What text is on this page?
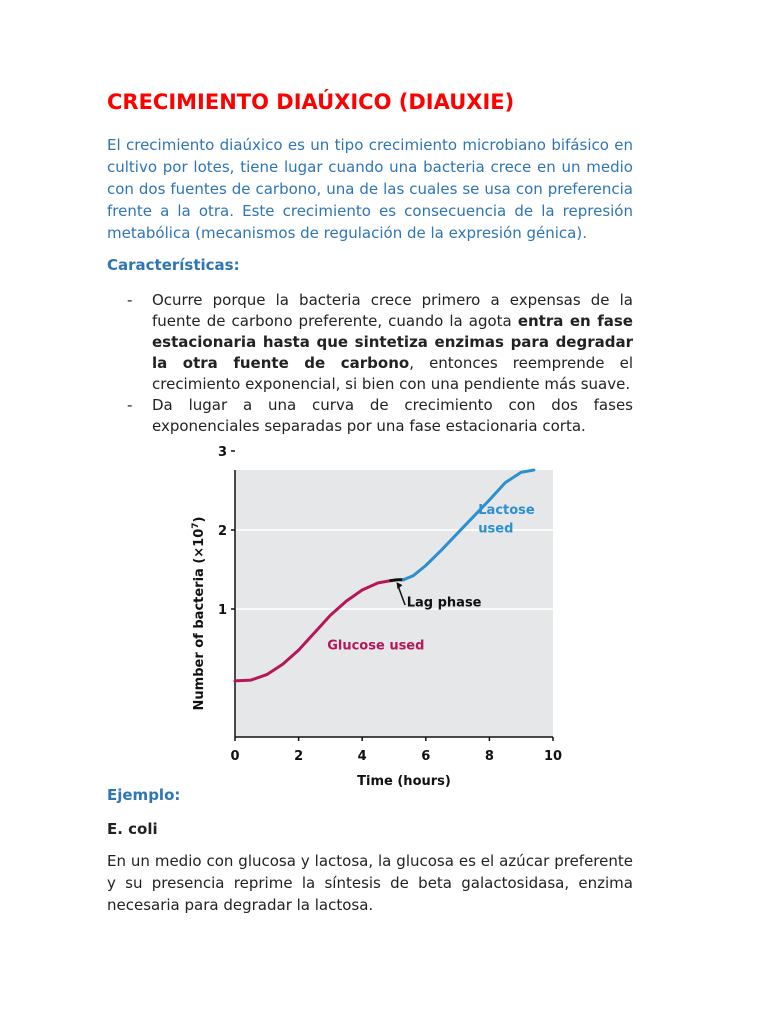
CRECIMIENTO DIAÚXICO (DIAUXIE)

El crecimiento diaúxico es un tipo crecimiento microbiano bifásico en cultivo por lotes, tiene lugar cuando una bacteria crece en un medio con dos fuentes de carbono, una de las cuales se usa con preferencia frente a la otra. Este crecimiento es consecuencia de la represión metabólica (mecanismos de regulación de la expresión génica).

Características:

- Ocurre porque la bacteria crece primero a expensas de la fuente de carbono preferente, cuando la agota entra en fase estacionaria hasta que sintetiza enzimas para degradar la otra fuente de carbono, entonces reemprende el crecimiento exponencial, si bien con una pendiente más suave.
- Da lugar a una curva de crecimiento con dos fases exponenciales separadas por una fase estacionaria corta.

Ejemplo:

E. coli

En un medio con glucosa y lactosa, la glucosa es el azúcar preferente y su presencia reprime la síntesis de beta galactosidasa, enzima necesaria para degradar la lactosa.

1
2
3
0	2	4	6	8	10
Time (hours)
Number of bacteria $(\times 10^7)$
Lactose
used
Lag phase
Glucose used
